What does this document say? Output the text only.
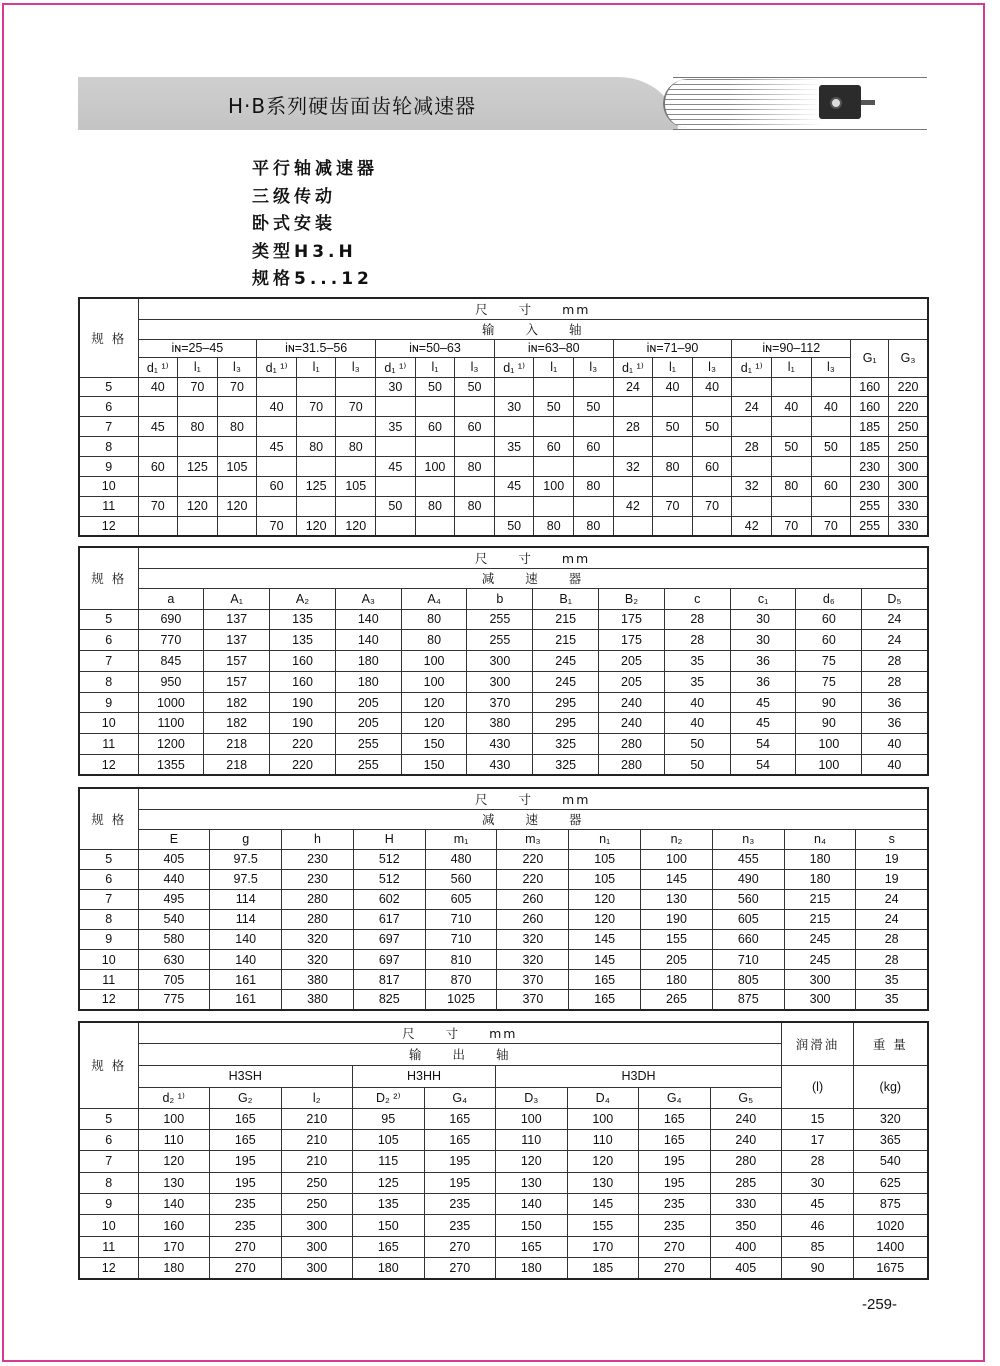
H·B系列硬齿面齿轮减速器
平行轴减速器
三级传动
卧式安装
类型H3.H
规格5...12
规 格	尺　　寸　　mm																			
	输　　入　　轴																			
	iɴ=25–45			iɴ=31.5–56			iɴ=50–63			iɴ=63–80			iɴ=71–90			iɴ=90–112			G₁	G₃
	d₁ ¹⁾	l₁	l₃	d₁ ¹⁾	l₁	l₃	d₁ ¹⁾	l₁	l₃	d₁ ¹⁾	l₁	l₃	d₁ ¹⁾	l₁	l₃	d₁ ¹⁾	l₁	l₃		
5	40	70	70				30	50	50				24	40	40				160	220
6				40	70	70				30	50	50				24	40	40	160	220
7	45	80	80				35	60	60				28	50	50				185	250
8				45	80	80				35	60	60				28	50	50	185	250
9	60	125	105				45	100	80				32	80	60				230	300
10				60	125	105				45	100	80				32	80	60	230	300
11	70	120	120				50	80	80				42	70	70				255	330
12				70	120	120				50	80	80				42	70	70	255	330
规 格	尺　　寸　　mm											
	减　　速　　器											
	a	A₁	A₂	A₃	A₄	b	B₁	B₂	c	c₁	d₆	D₅
5	690	137	135	140	80	255	215	175	28	30	60	24
6	770	137	135	140	80	255	215	175	28	30	60	24
7	845	157	160	180	100	300	245	205	35	36	75	28
8	950	157	160	180	100	300	245	205	35	36	75	28
9	1000	182	190	205	120	370	295	240	40	45	90	36
10	1100	182	190	205	120	380	295	240	40	45	90	36
11	1200	218	220	255	150	430	325	280	50	54	100	40
12	1355	218	220	255	150	430	325	280	50	54	100	40
规 格	尺　　寸　　mm										
	减　　速　　器										
	E	g	h	H	m₁	m₃	n₁	n₂	n₃	n₄	s
5	405	97.5	230	512	480	220	105	100	455	180	19
6	440	97.5	230	512	560	220	105	145	490	180	19
7	495	114	280	602	605	260	120	130	560	215	24
8	540	114	280	617	710	260	120	190	605	215	24
9	580	140	320	697	710	320	145	155	660	245	28
10	630	140	320	697	810	320	145	205	710	245	28
11	705	161	380	817	870	370	165	180	805	300	35
12	775	161	380	825	1025	370	165	265	875	300	35
规 格	尺　　寸　　mm									润滑油	重 量
	输　　出　　轴										
	H3SH			H3HH		H3DH				(l)	(kg)
	d₂ ¹⁾	G₂	l₂	D₂ ²⁾	G₄	D₃	D₄	G₄	G₅		
5	100	165	210	95	165	100	100	165	240	15	320
6	110	165	210	105	165	110	110	165	240	17	365
7	120	195	210	115	195	120	120	195	280	28	540
8	130	195	250	125	195	130	130	195	285	30	625
9	140	235	250	135	235	140	145	235	330	45	875
10	160	235	300	150	235	150	155	235	350	46	1020
11	170	270	300	165	270	165	170	270	400	85	1400
12	180	270	300	180	270	180	185	270	405	90	1675
-259-
